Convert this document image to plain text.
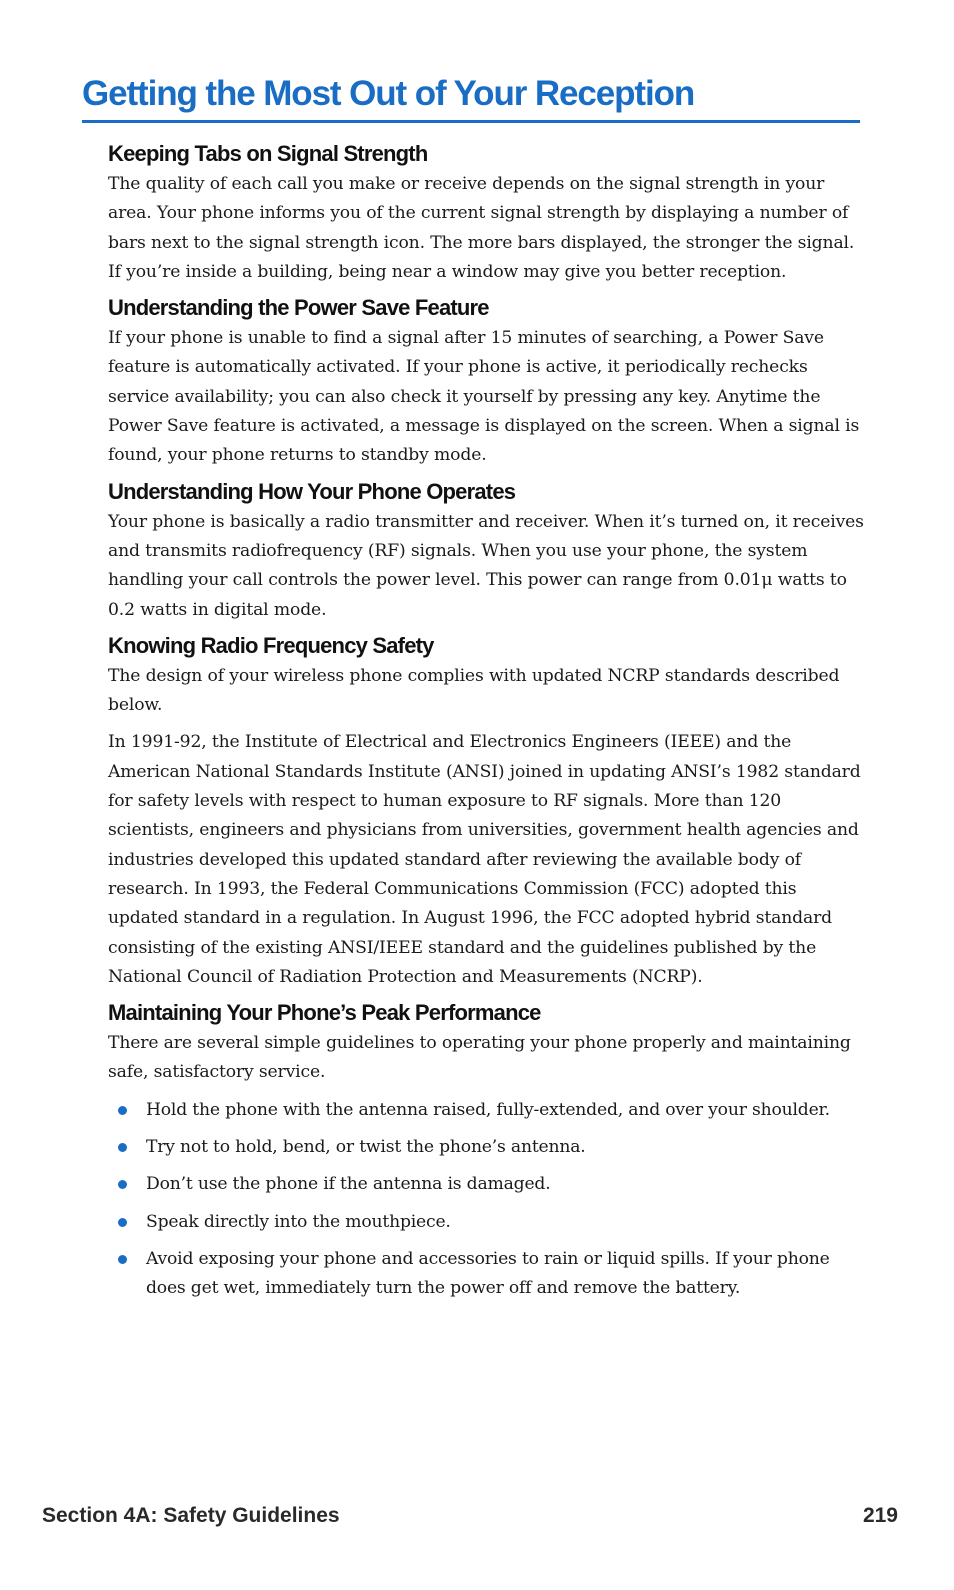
Getting the Most Out of Your Reception
Keeping Tabs on Signal Strength

The quality of each call you make or receive depends on the signal strength in your area. Your phone informs you of the current signal strength by displaying a number of bars next to the signal strength icon. The more bars displayed, the stronger the signal. If you’re inside a building, being near a window may give you better reception.

Understanding the Power Save Feature

If your phone is unable to find a signal after 15 minutes of searching, a Power Save feature is automatically activated. If your phone is active, it periodically rechecks service availability; you can also check it yourself by pressing any key. Anytime the Power Save feature is activated, a message is displayed on the screen. When a signal is found, your phone returns to standby mode.

Understanding How Your Phone Operates

Your phone is basically a radio transmitter and receiver. When it’s turned on, it receives and transmits radiofrequency (RF) signals. When you use your phone, the system handling your call controls the power level. This power can range from 0.01μ watts to 0.2 watts in digital mode.

Knowing Radio Frequency Safety

The design of your wireless phone complies with updated NCRP standards described below.

In 1991-92, the Institute of Electrical and Electronics Engineers (IEEE) and the American National Standards Institute (ANSI) joined in updating ANSI’s 1982 standard for safety levels with respect to human exposure to RF signals. More than 120 scientists, engineers and physicians from universities, government health agencies and industries developed this updated standard after reviewing the available body of research. In 1993, the Federal Communications Commission (FCC) adopted this updated standard in a regulation. In August 1996, the FCC adopted hybrid standard consisting of the existing ANSI/IEEE standard and the guidelines published by the National Council of Radiation Protection and Measurements (NCRP).

Maintaining Your Phone’s Peak Performance

There are several simple guidelines to operating your phone properly and maintaining safe, satisfactory service.

Hold the phone with the antenna raised, fully-extended, and over your shoulder.
Try not to hold, bend, or twist the phone’s antenna.
Don’t use the phone if the antenna is damaged.
Speak directly into the mouthpiece.
Avoid exposing your phone and accessories to rain or liquid spills. If your phone does get wet, immediately turn the power off and remove the battery.
Section 4A: Safety Guidelines	219
